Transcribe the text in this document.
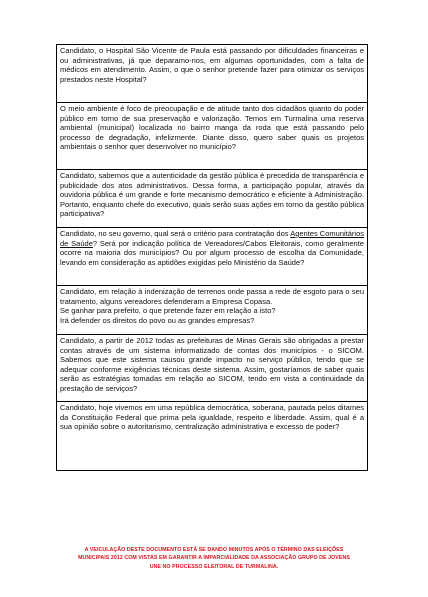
Candidato, o Hospital São Vicente de Paula está passando por dificuldades financeiras e ou administrativas, já que deparamo-nos, em algumas oportunidades, com a falta de médicos em atendimento. Assim, o que o senhor pretende fazer para otimizar os serviços prestados neste Hospital?

O meio ambiente é foco de preocupação e de atitude tanto dos cidadãos quanto do poder público em torno de sua preservação e valorização. Temos em Turmalina uma reserva ambiental (municipal) localizada no bairro manga da roda que está passando pelo processo de degradação, infelizmente. Diante disso, quero saber quais os projetos ambientais o senhor quer desenvolver no município?

Candidato, sabemos que a autenticidade da gestão pública é precedida de transparência e publicidade dos atos administrativos. Dessa forma, a participação popular, através da ouvidoria pública é um grande e forte mecanismo democrático e eficiente à Administração. Portanto, enquanto chefe do executivo, quais serão suas ações em torno da gestão pública participativa?

Candidato, no seu governo, qual será o critério para contratação dos Agentes Comunitários de Saúde? Será por indicação política de Vereadores/Cabos Eleitorais, como geralmente ocorre na maioria dos municípios? Ou por algum processo de escolha da Comunidade, levando em consideração as aptidões exigidas pelo Ministério da Saúde?

Candidato, em relação à indenização de terrenos onde passa a rede de esgoto para o seu tratamento, alguns vereadores defenderam a Empresa Copasa.

Se ganhar para prefeito, o que pretende fazer em relação a isto?

Irá defender os direitos do povo ou as grandes empresas?

Candidato, a partir de 2012 todas as prefeituras de Minas Gerais são obrigadas a prestar contas através de um sistema informatizado de contas dos municípios - o SICOM. Sabemos que este sistema causou grande impacto no serviço público, tendo que se adequar conforme exigências técnicas deste sistema. Assim, gostaríamos de saber quais serão as estratégias tomadas em relação ao SICOM, tendo em vista a continuidade da prestação de serviços?

Candidato, hoje vivemos em uma república democrática, soberana, pautada pelos ditames da Constituição Federal que prima pela igualdade, respeito e liberdade. Assim, qual é a sua opinião sobre o autoritarismo, centralização administrativa e excesso de poder?

A VEICULAÇÃO DESTE DOCUMENTO ESTÁ SE DANDO MINUTOS APÓS O TÉRMINO DAS ELEIÇÕES
MUNICIPAIS 2012 COM VISTAS EM GARANTIR A IMPARCIALIDADE DA ASSOCIAÇÃO GRUPO DE JOVENS
UNE NO PROCESSO ELEITORAL DE TURMALINA.
